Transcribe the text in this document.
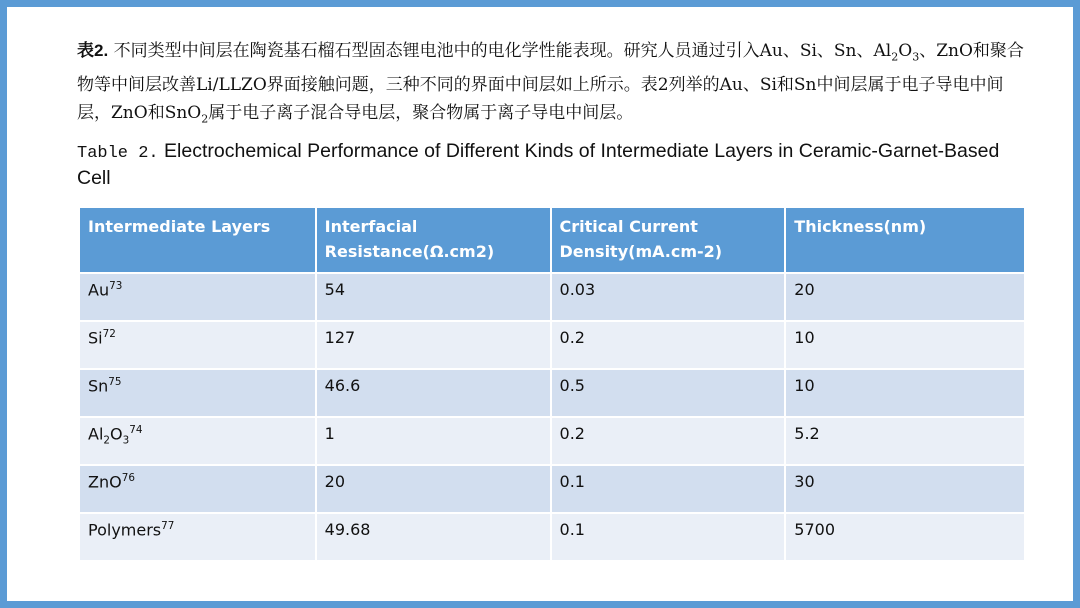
表2. 不同类型中间层在陶瓷基石榴石型固态锂电池中的电化学性能表现。研究人员通过引入Au、Si、Sn、$Al_2O_3$、ZnO和聚合物等中间层改善Li/LLZO界面接触问题，三种不同的界面中间层如上所示。表2列举的Au、Si和Sn中间层属于电子导电中间层，ZnO和SnO$_2$属于电子离子混合导电层，聚合物属于离子导电中间层。
Table 2. Electrochemical Performance of Different Kinds of Intermediate Layers in Ceramic-Garnet-Based Cell
Intermediate Layers	Interfacial Resistance(Ω.cm2)	Critical Current Density(mA.cm-2)	Thickness(nm)
Au$^{73}$	54	0.03	20
Si$^{72}$	127	0.2	10
Sn$^{75}$	46.6	0.5	10
$Al_2O_3^{74}$	1	0.2	5.2
ZnO$^{76}$	20	0.1	30
Polymers$^{77}$	49.68	0.1	5700
